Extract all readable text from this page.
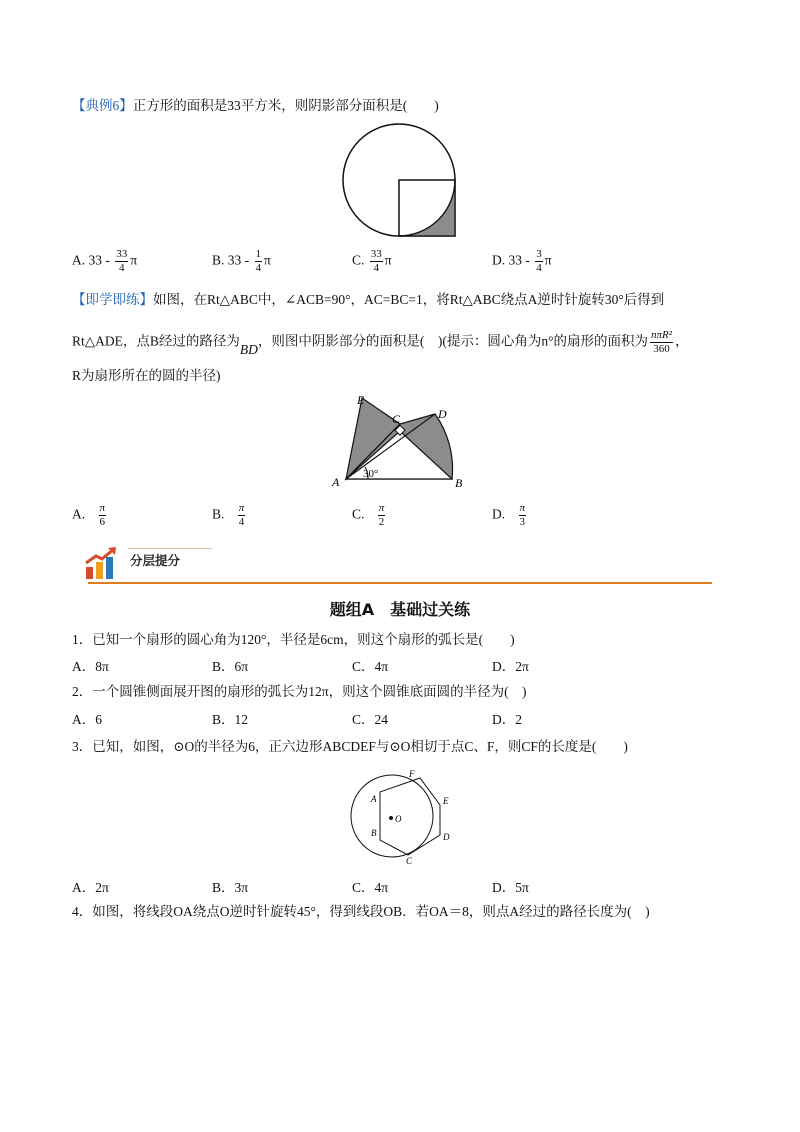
【典例6】正方形的面积是33平方米，则阴影部分面积是(　　)
A. $33 - \frac{33}{4}$ π	B. $33 - \frac{1}{4}$ π	C. $\frac{33}{4}$ π	D. $33 - \frac{3}{4}$ π
【即学即练】如图，在Rt△ABC中，∠ACB=90°，AC=BC=1，将Rt△ABC绕点A逆时针旋转30°后得到
Rt△ADE，点B经过的路径为BD，则图中阴影部分的面积是(　)(提示：圆心角为n°的扇形的面积为 $\frac{\text{nπR²}}{360}$ ，
R为扇形所在的圆的半径)
E
C	D
A	B
30°
A. $\frac{\pi}{6}$	B. $\frac{\pi}{4}$	C. $\frac{\pi}{2}$	D. $\frac{\pi}{3}$
分层提分
题组A　基础过关练
1．已知一个扇形的圆心角为120°，半径是6cm，则这个扇形的弧长是(　　)
A．8π	B．6π	C．4π	D．2π
2．一个圆锥侧面展开图的扇形的弧长为12π，则这个圆锥底面圆的半径为(　)
A．6	B．12	C．24	D．2
3．已知，如图，⊙O的半径为6，正六边形ABCDEF与⊙O相切于点C、F，则CF的长度是(　　)
A
B
C
D
E
F
O
A．2π	B．3π	C．4π	D．5π
4．如图，将线段OA绕点O逆时针旋转45°，得到线段OB．若OA＝8，则点A经过的路径长度为(　)
